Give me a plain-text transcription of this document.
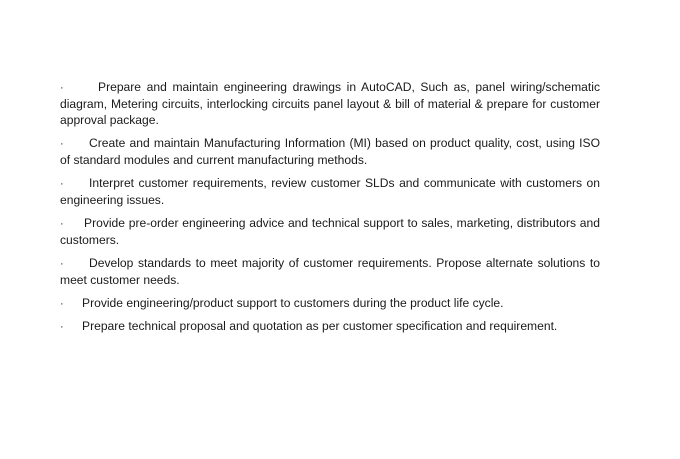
·	Prepare and maintain engineering drawings in AutoCAD, Such as, panel wiring/schematic diagram, Metering circuits, interlocking circuits panel layout & bill of material & prepare for customer approval package.

· Create and maintain Manufacturing Information (MI) based on product quality, cost, using ISO of standard modules and current manufacturing methods.

· Interpret customer requirements, review customer SLDs and communicate with customers on engineering issues.

· Provide pre-order engineering advice and technical support to sales, marketing, distributors and customers.

· Develop standards to meet majority of customer requirements. Propose alternate solutions to meet customer needs.

· Provide engineering/product support to customers during the product life cycle.

· Prepare technical proposal and quotation as per customer specification and requirement.
